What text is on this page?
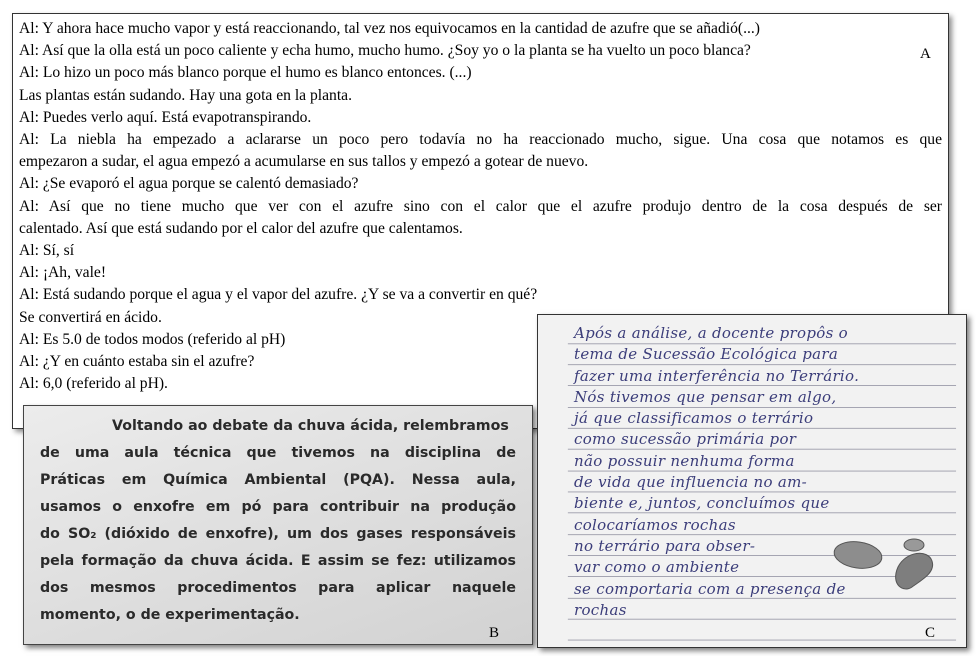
Al: Y ahora hace mucho vapor y está reaccionando, tal vez nos equivocamos en la cantidad de azufre que se añadió(...)
Al: Así que la olla está un poco caliente y echa humo, mucho humo. ¿Soy yo o la planta se ha vuelto un poco blanca?
Al: Lo hizo un poco más blanco porque el humo es blanco entonces. (...)
Las plantas están sudando. Hay una gota en la planta.
Al: Puedes verlo aquí. Está evapotranspirando.
Al: La niebla ha empezado a aclararse un poco pero todavía no ha reaccionado mucho, sigue. Una cosa que notamos es que
empezaron a sudar, el agua empezó a acumularse en sus tallos y empezó a gotear de nuevo.
Al: ¿Se evaporó el agua porque se calentó demasiado?
Al: Así que no tiene mucho que ver con el azufre sino con el calor que el azufre produjo dentro de la cosa después de ser
calentado. Así que está sudando por el calor del azufre que calentamos.
Al: Sí, sí
Al: ¡Ah, vale!
Al: Está sudando porque el agua y el vapor del azufre. ¿Y se va a convertir en qué?
Se convertirá en ácido.
Al: Es 5.0 de todos modos (referido al pH)
Al: ¿Y en cuánto estaba sin el azufre?
Al: 6,0 (referido al pH).
A
Voltando ao debate da chuva ácida, relembramos
de uma aula técnica que tivemos na disciplina de
Práticas em Química Ambiental (PQA). Nessa aula,
usamos o enxofre em pó para contribuir na produção
do SO₂ (dióxido de enxofre), um dos gases responsáveis
pela formação da chuva ácida. E assim se fez: utilizamos
dos mesmos procedimentos para aplicar naquele
momento, o de experimentação.
B
Após a análise, a docente propôs o
tema de Sucessão Ecológica para
fazer uma interferência no Terrário.
Nós tivemos que pensar em algo,
já que classificamos o terrário
como sucessão primária por
não possuir nenhuma forma
de vida que influencia no am-
biente e, juntos, concluímos que
colocaríamos rochas
no terrário para obser-
var como o ambiente
se comportaria com a presença de
rochas
C
